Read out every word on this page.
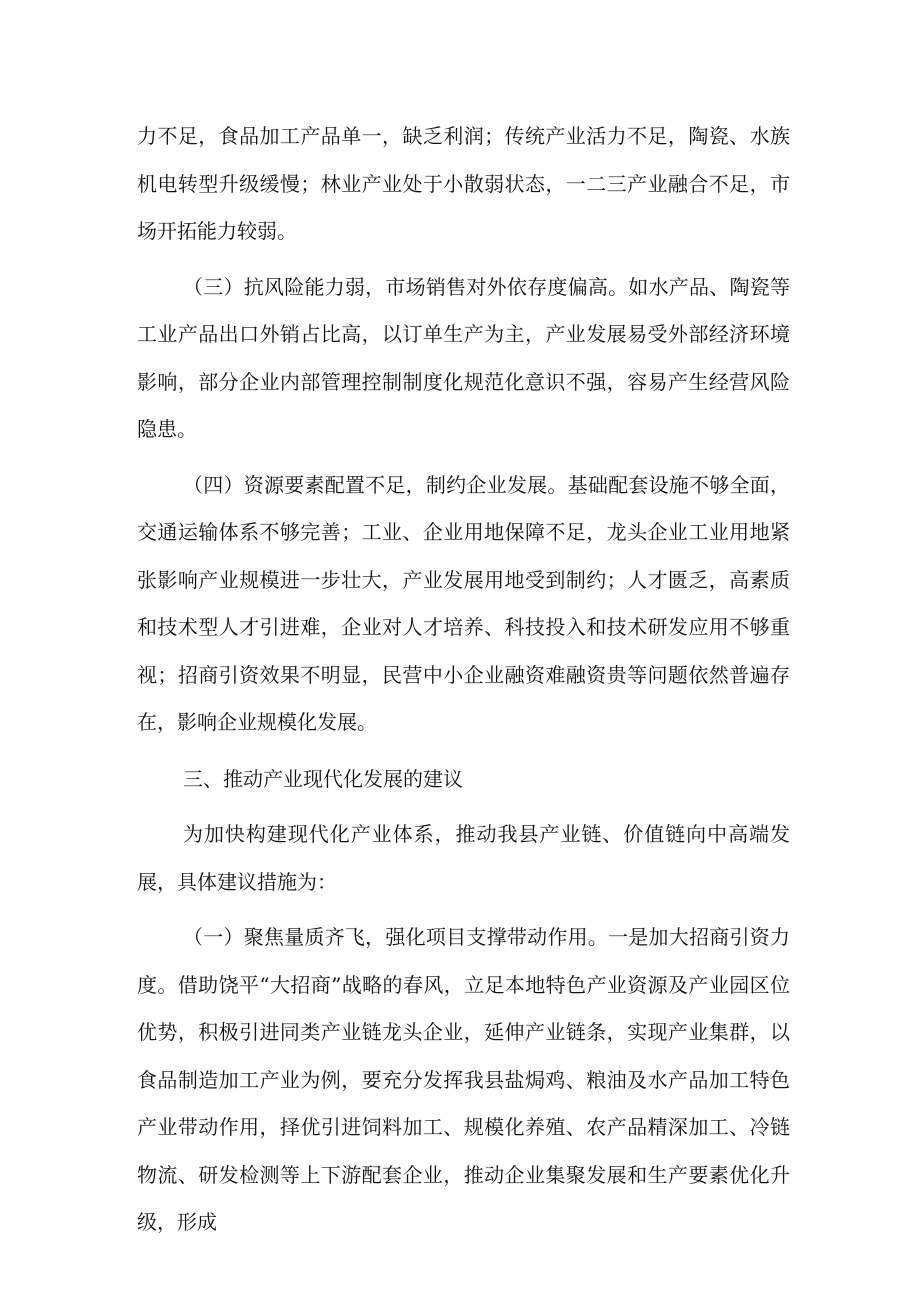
力不足，食品加工产品单一，缺乏利润；传统产业活力不足，陶瓷、水族机电转型升级缓慢；林业产业处于小散弱状态，一二三产业融合不足，市场开拓能力较弱。

（三）抗风险能力弱，市场销售对外依存度偏高。如水产品、陶瓷等工业产品出口外销占比高，以订单生产为主，产业发展易受外部经济环境影响，部分企业内部管理控制制度化规范化意识不强，容易产生经营风险隐患。

（四）资源要素配置不足，制约企业发展。基础配套设施不够全面，交通运输体系不够完善；工业、企业用地保障不足，龙头企业工业用地紧张影响产业规模进一步壮大，产业发展用地受到制约；人才匮乏，高素质和技术型人才引进难，企业对人才培养、科技投入和技术研发应用不够重视；招商引资效果不明显，民营中小企业融资难融资贵等问题依然普遍存在，影响企业规模化发展。

三、推动产业现代化发展的建议

为加快构建现代化产业体系，推动我县产业链、价值链向中高端发展，具体建议措施为：

（一）聚焦量质齐飞，强化项目支撑带动作用。一是加大招商引资力度。借助饶平“大招商”战略的春风，立足本地特色产业资源及产业园区位优势，积极引进同类产业链龙头企业，延伸产业链条，实现产业集群，以食品制造加工产业为例，要充分发挥我县盐焗鸡、粮油及水产品加工特色产业带动作用，择优引进饲料加工、规模化养殖、农产品精深加工、冷链物流、研发检测等上下游配套企业，推动企业集聚发展和生产要素优化升级，形成
